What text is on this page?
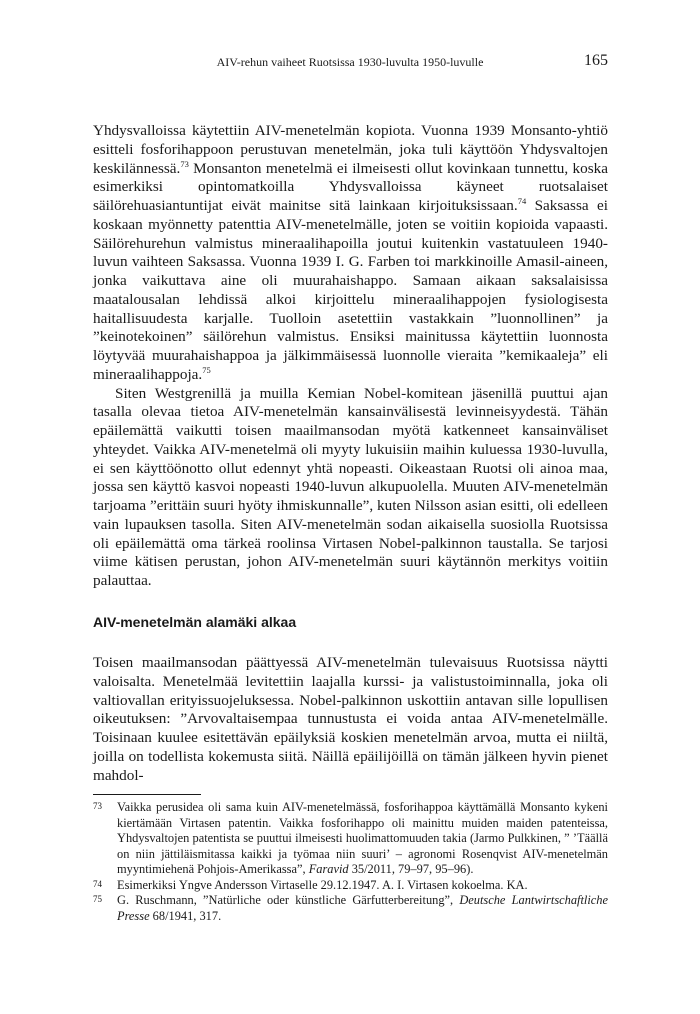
AIV-rehun vaiheet Ruotsissa 1930-luvulta 1950-luvulle	165

Yhdysvalloissa käytettiin AIV-menetelmän kopiota. Vuonna 1939 Monsanto-yhtiö esitteli fosforihappoon perustuvan menetelmän, joka tuli käyttöön Yhdysvaltojen keskilännessä.$^{73}$ Monsanton menetelmä ei ilmeisesti ollut kovinkaan tunnettu, koska esimerkiksi opintomatkoilla Yhdysvalloissa käyneet ruotsalaiset säilörehuasiantuntijat eivät mainitse sitä lainkaan kirjoituksissaan.$^{74}$ Saksassa ei koskaan myönnetty patenttia AIV-menetelmälle, joten se voitiin kopioida vapaasti. Säilörehurehun valmistus mineraalihapoilla joutui kuitenkin vastatuuleen 1940-luvun vaihteen Saksassa. Vuonna 1939 I. G. Farben toi markkinoille Amasil-aineen, jonka vaikuttava aine oli muurahaishappo. Samaan aikaan saksalaisissa maatalousalan lehdissä alkoi kirjoittelu mineraalihappojen fysiologisesta haitallisuudesta karjalle. Tuolloin asetettiin vastakkain ”luonnollinen” ja ”keinotekoinen” säilörehun valmistus. Ensiksi mainitussa käytettiin luonnosta löytyvää muurahaishappoa ja jälkimmäisessä luonnolle vieraita ”kemikaaleja” eli mineraalihappoja.$^{75}$

Siten Westgrenillä ja muilla Kemian Nobel-komitean jäsenillä puuttui ajan tasalla olevaa tietoa AIV-menetelmän kansainvälisestä levinneisyydestä. Tähän epäilemättä vaikutti toisen maailmansodan myötä katkenneet kansainväliset yhteydet. Vaikka AIV-menetelmä oli myyty lukuisiin maihin kuluessa 1930-luvulla, ei sen käyttöönotto ollut edennyt yhtä nopeasti. Oikeastaan Ruotsi oli ainoa maa, jossa sen käyttö kasvoi nopeasti 1940-luvun alkupuolella. Muuten AIV-menetelmän tarjoama ”erittäin suuri hyöty ihmiskunnalle”, kuten Nilsson asian esitti, oli edelleen vain lupauksen tasolla. Siten AIV-menetelmän sodan aikaisella suosiolla Ruotsissa oli epäilemättä oma tärkeä roolinsa Virtasen Nobel-palkinnon taustalla. Se tarjosi viime kätisen perustan, johon AIV-menetelmän suuri käytännön merkitys voitiin palauttaa.

AIV-menetelmän alamäki alkaa

Toisen maailmansodan päättyessä AIV-menetelmän tulevaisuus Ruotsissa näytti valoisalta. Menetelmää levitettiin laajalla kurssi- ja valistustoiminnalla, joka oli valtiovallan erityissuojeluksessa. Nobel-palkinnon uskottiin antavan sille lopullisen oikeutuksen: ”Arvovaltaisempaa tunnustusta ei voida antaa AIV-menetelmälle. Toisinaan kuulee esitettävän epäilyksiä koskien menetelmän arvoa, mutta ei niiltä, joilla on todellista kokemusta siitä. Näillä epäilijöillä on tämän jälkeen hyvin pienet mahdol-

73 Vaikka perusidea oli sama kuin AIV-menetelmässä, fosforihappoa käyttämällä Monsanto kykeni kiertämään Virtasen patentin. Vaikka fosforihappo oli mainittu muiden maiden patenteissa, Yhdysvaltojen patentista se puuttui ilmeisesti huolimattomuuden takia (Jarmo Pulkkinen, ” ’Täällä on niin jättiläismitassa kaikki ja työmaa niin suuri’ – agronomi Rosenqvist AIV-menetelmän myyntimiehenä Pohjois-Amerikassa”, Faravid 35/2011, 79–97, 95–96).
74 Esimerkiksi Yngve Andersson Virtaselle 29.12.1947. A. I. Virtasen kokoelma. KA.
75 G. Ruschmann, ”Natürliche oder künstliche Gärfutterbereitung”, Deutsche Lantwirtschaftliche Presse 68/1941, 317.
